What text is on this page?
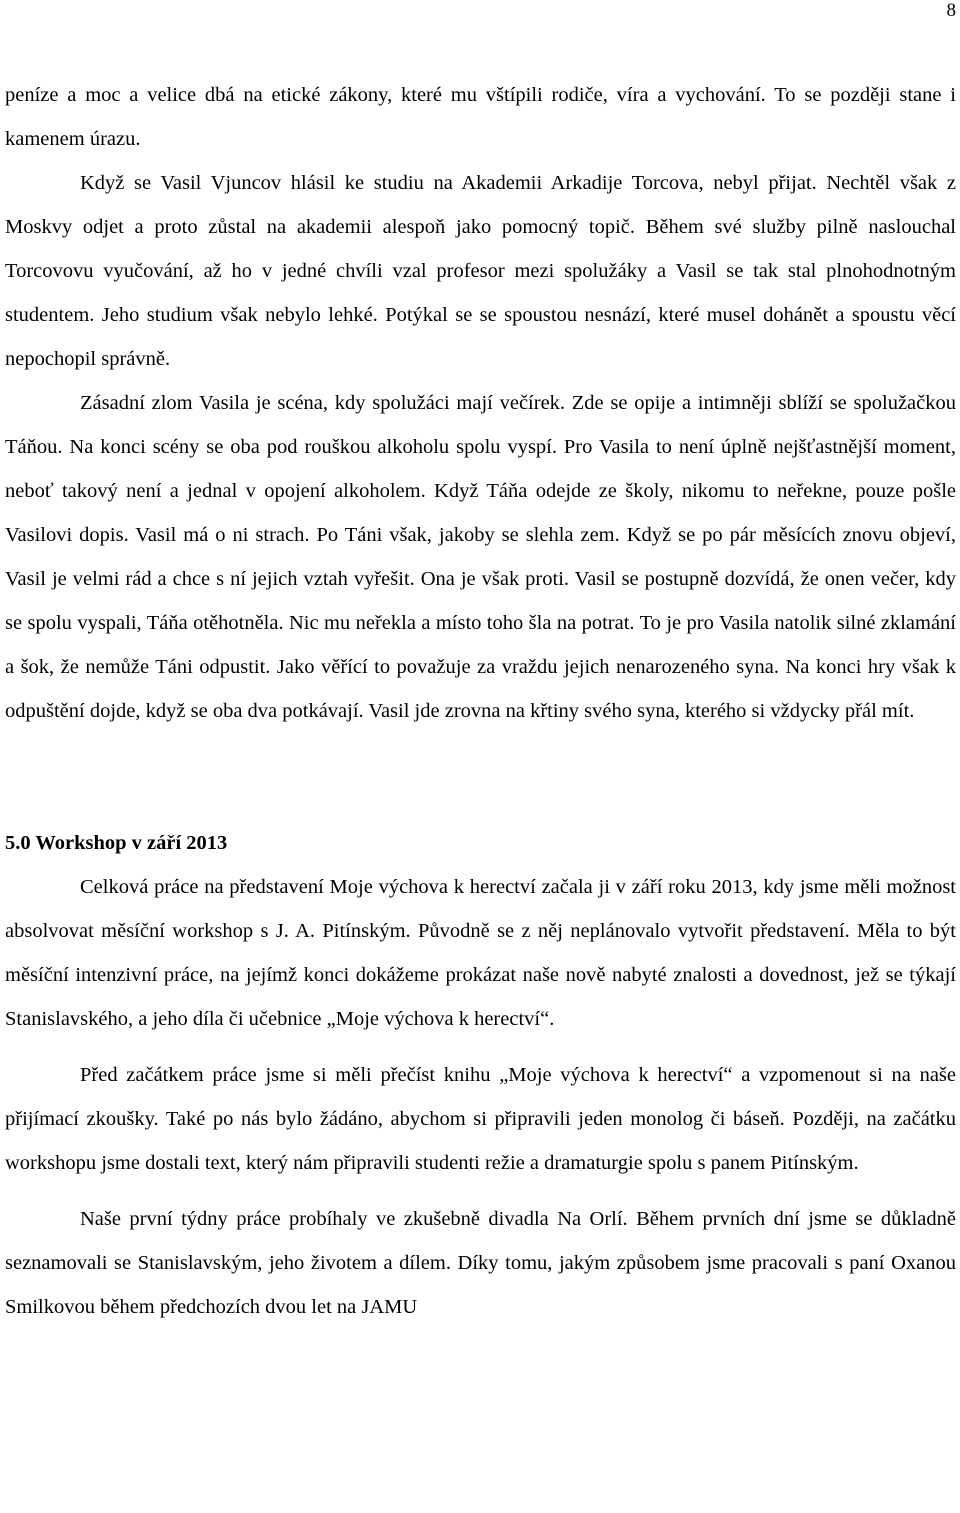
8

peníze a moc a velice dbá na etické zákony, které mu vštípili rodiče, víra a vychování. To se později stane i kamenem úrazu.

Když se Vasil Vjuncov hlásil ke studiu na Akademii Arkadije Torcova, nebyl přijat. Nechtěl však z Moskvy odjet a proto zůstal na akademii alespoň jako pomocný topič. Během své služby pilně naslouchal Torcovovu vyučování, až ho v jedné chvíli vzal profesor mezi spolužáky a Vasil se tak stal plnohodnotným studentem. Jeho studium však nebylo lehké. Potýkal se se spoustou nesnází, které musel dohánět a spoustu věcí nepochopil správně.

Zásadní zlom Vasila je scéna, kdy spolužáci mají večírek. Zde se opije a intimněji sblíží se spolužačkou Táňou. Na konci scény se oba pod rouškou alkoholu spolu vyspí. Pro Vasila to není úplně nejšťastnější moment, neboť takový není a jednal v opojení alkoholem. Když Táňa odejde ze školy, nikomu to neřekne, pouze pošle Vasilovi dopis. Vasil má o ni strach. Po Táni však, jakoby se slehla zem. Když se po pár měsících znovu objeví, Vasil je velmi rád a chce s ní jejich vztah vyřešit. Ona je však proti. Vasil se postupně dozvídá, že onen večer, kdy se spolu vyspali, Táňa otěhotněla. Nic mu neřekla a místo toho šla na potrat. To je pro Vasila natolik silné zklamání a šok, že nemůže Táni odpustit. Jako věřící to považuje za vraždu jejich nenarozeného syna. Na konci hry však k odpuštění dojde, když se oba dva potkávají. Vasil jde zrovna na křtiny svého syna, kterého si vždycky přál mít.

5.0 Workshop v září 2013

Celková práce na představení Moje výchova k herectví začala ji v září roku 2013, kdy jsme měli možnost absolvovat měsíční workshop s J. A. Pitínským. Původně se z něj neplánovalo vytvořit představení. Měla to být měsíční intenzivní práce, na jejímž konci dokážeme prokázat naše nově nabyté znalosti a dovednost, jež se týkají Stanislavského, a jeho díla či učebnice „Moje výchova k herectví“.

Před začátkem práce jsme si měli přečíst knihu „Moje výchova k herectví“ a vzpomenout si na naše přijímací zkoušky. Také po nás bylo žádáno, abychom si připravili jeden monolog či báseň. Později, na začátku workshopu jsme dostali text, který nám připravili studenti režie a dramaturgie spolu s panem Pitínským.

Naše první týdny práce probíhaly ve zkušebně divadla Na Orlí. Během prvních dní jsme se důkladně seznamovali se Stanislavským, jeho životem a dílem. Díky tomu, jakým způsobem jsme pracovali s paní Oxanou Smilkovou během předchozích dvou let na JAMU
